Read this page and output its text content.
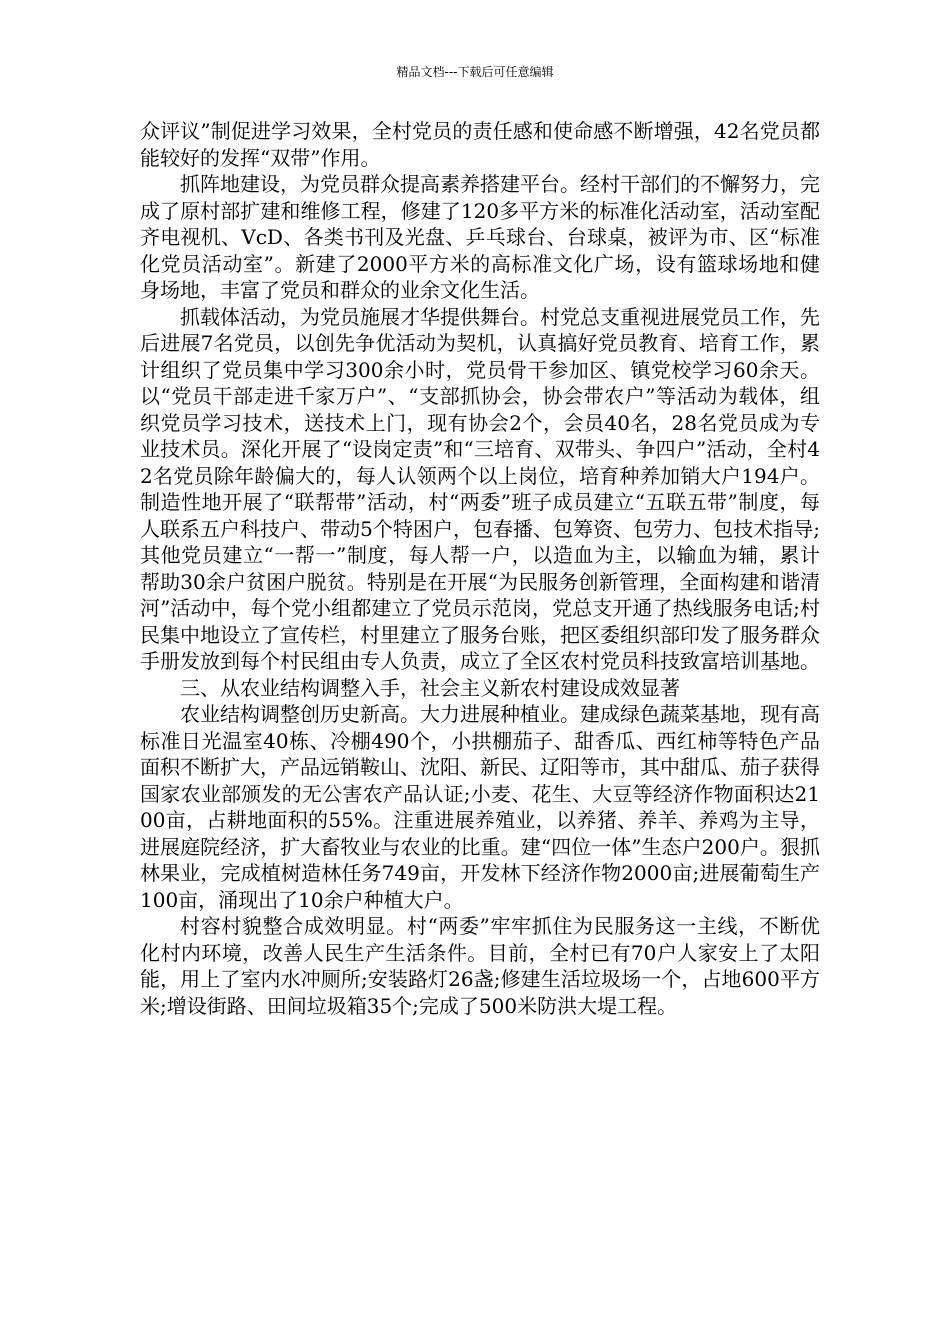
精品文档---下载后可任意编辑

众评议”制促进学习效果，全村党员的责任感和使命感不断增强，42名党员都能较好的发挥“双带”作用。

抓阵地建设，为党员群众提高素养搭建平台。经村干部们的不懈努力，完成了原村部扩建和维修工程，修建了120多平方米的标准化活动室，活动室配齐电视机、VcD、各类书刊及光盘、乒乓球台、台球桌，被评为市、区“标准化党员活动室”。新建了2000平方米的高标准文化广场，设有篮球场地和健身场地，丰富了党员和群众的业余文化生活。

抓载体活动，为党员施展才华提供舞台。村党总支重视进展党员工作，先后进展7名党员，以创先争优活动为契机，认真搞好党员教育、培育工作，累计组织了党员集中学习300余小时，党员骨干参加区、镇党校学习60余天。以“党员干部走进千家万户”、“支部抓协会，协会带农户”等活动为载体，组织党员学习技术，送技术上门，现有协会2个，会员40名，28名党员成为专业技术员。深化开展了“设岗定责”和“三培育、双带头、争四户”活动，全村42名党员除年龄偏大的，每人认领两个以上岗位，培育种养加销大户194户。制造性地开展了“联帮带”活动，村“两委”班子成员建立“五联五带”制度，每人联系五户科技户、带动5个特困户，包春播、包筹资、包劳力、包技术指导;其他党员建立“一帮一”制度，每人帮一户，以造血为主，以输血为辅，累计帮助30余户贫困户脱贫。特别是在开展“为民服务创新管理，全面构建和谐清河”活动中，每个党小组都建立了党员示范岗，党总支开通了热线服务电话;村民集中地设立了宣传栏，村里建立了服务台账，把区委组织部印发了服务群众手册发放到每个村民组由专人负责，成立了全区农村党员科技致富培训基地。

三、从农业结构调整入手，社会主义新农村建设成效显著

农业结构调整创历史新高。大力进展种植业。建成绿色蔬菜基地，现有高标准日光温室40栋、冷棚490个，小拱棚茄子、甜香瓜、西红柿等特色产品面积不断扩大，产品远销鞍山、沈阳、新民、辽阳等市，其中甜瓜、茄子获得国家农业部颁发的无公害农产品认证;小麦、花生、大豆等经济作物面积达2100亩，占耕地面积的55%。注重进展养殖业，以养猪、养羊、养鸡为主导，进展庭院经济，扩大畜牧业与农业的比重。建“四位一体”生态户200户。狠抓林果业，完成植树造林任务749亩，开发林下经济作物2000亩;进展葡萄生产100亩，涌现出了10余户种植大户。

村容村貌整合成效明显。村“两委”牢牢抓住为民服务这一主线，不断优化村内环境，改善人民生产生活条件。目前，全村已有70户人家安上了太阳能，用上了室内水冲厕所;安装路灯26盏;修建生活垃圾场一个，占地600平方米;增设街路、田间垃圾箱35个;完成了500米防洪大堤工程。
